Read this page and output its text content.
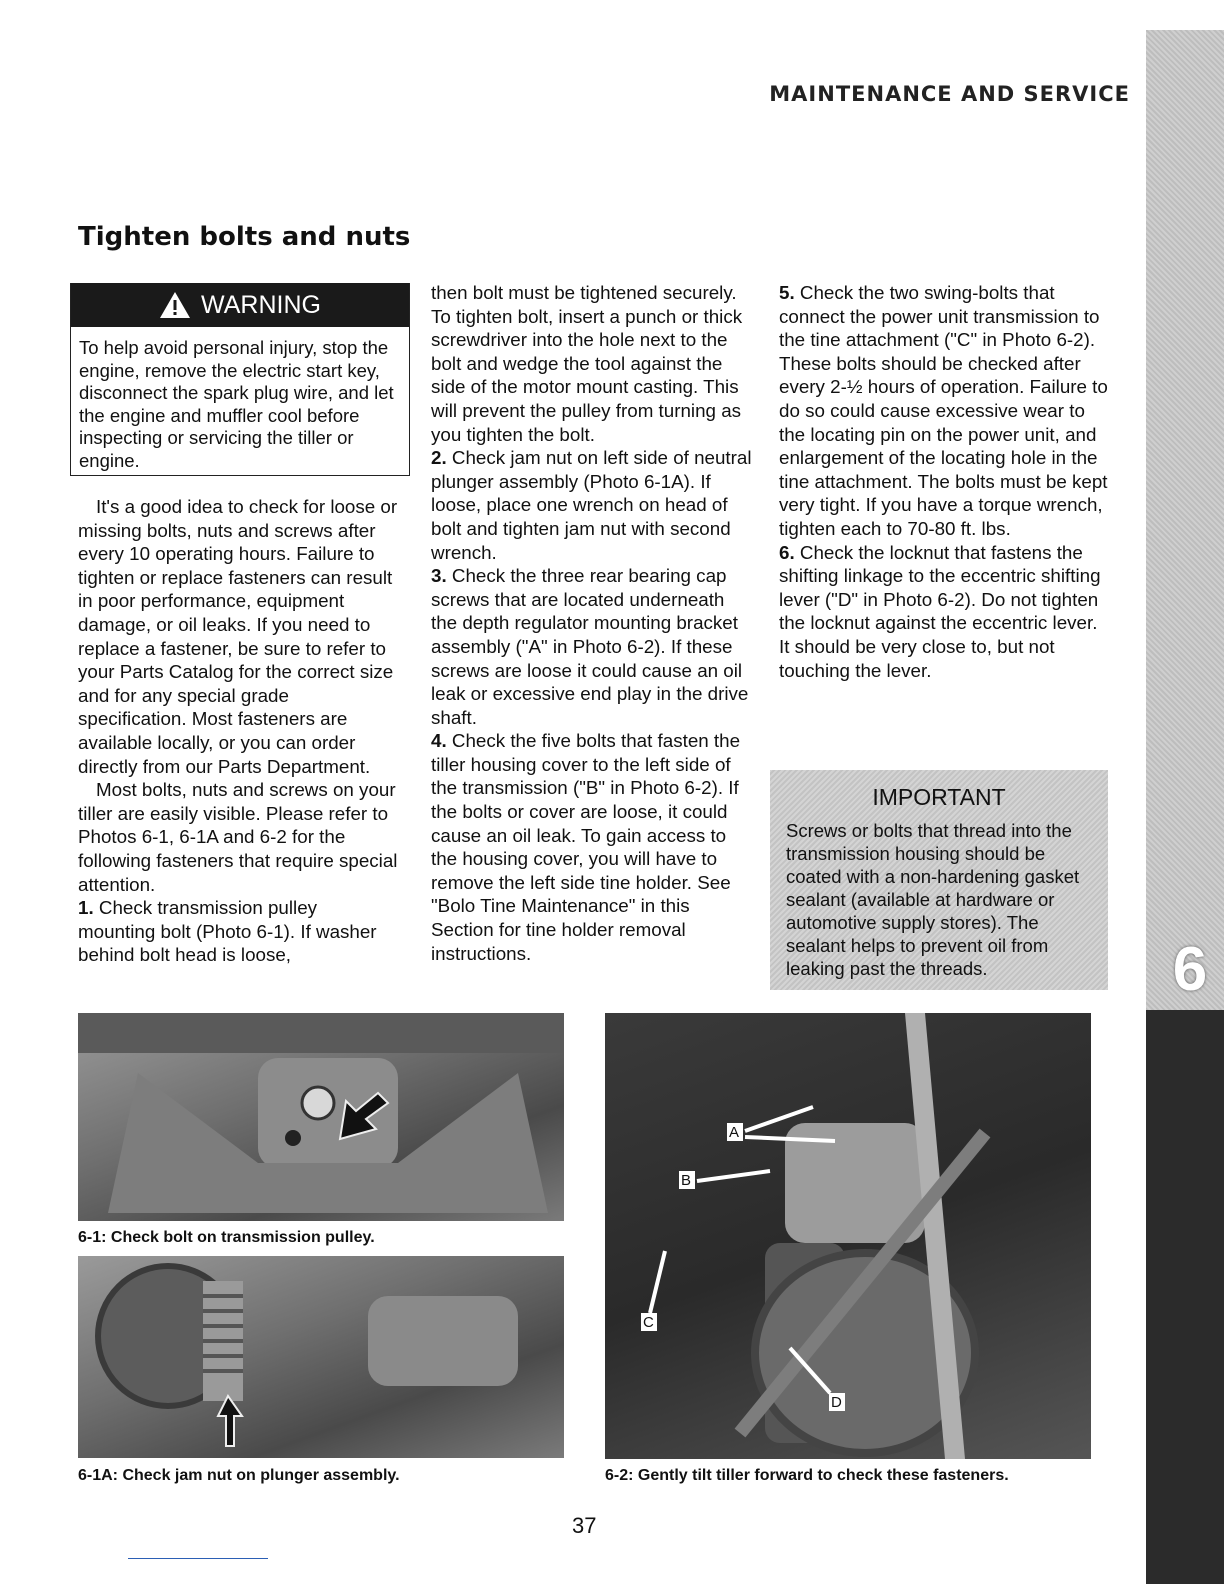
6
MAINTENANCE AND SERVICE
Tighten bolts and nuts
WARNING
To help avoid personal injury, stop the engine, remove the electric start key, disconnect the spark plug wire, and let the engine and muffler cool before inspecting or servicing the tiller or engine.

It's a good idea to check for loose or missing bolts, nuts and screws after every 10 operating hours. Failure to tighten or replace fasteners can result in poor performance, equipment damage, or oil leaks. If you need to replace a fastener, be sure to refer to your Parts Catalog for the correct size and for any special grade specification. Most fasteners are available locally, or you can order directly from our Parts Department.

Most bolts, nuts and screws on your tiller are easily visible. Please refer to Photos 6-1, 6-1A and 6-2 for the following fasteners that require special attention.

1. Check transmission pulley mounting bolt (Photo 6-1). If washer behind bolt head is loose,

then bolt must be tightened securely. To tighten bolt, insert a punch or thick screwdriver into the hole next to the bolt and wedge the tool against the side of the motor mount casting. This will prevent the pulley from turning as you tighten the bolt.

2. Check jam nut on left side of neutral plunger assembly (Photo 6-1A). If loose, place one wrench on head of bolt and tighten jam nut with second wrench.

3. Check the three rear bearing cap screws that are located underneath the depth regulator mounting bracket assembly ("A" in Photo 6-2). If these screws are loose it could cause an oil leak or excessive end play in the drive shaft.

4. Check the five bolts that fasten the tiller housing cover to the left side of the transmission ("B" in Photo 6-2). If the bolts or cover are loose, it could cause an oil leak. To gain access to the housing cover, you will have to remove the left side tine holder. See "Bolo Tine Maintenance" in this Section for tine holder removal instructions.

5. Check the two swing-bolts that connect the power unit transmission to the tine attachment ("C" in Photo 6-2). These bolts should be checked after every 2-½ hours of operation. Failure to do so could cause excessive wear to the locating pin on the power unit, and enlargement of the locating hole in the tine attachment. The bolts must be kept very tight. If you have a torque wrench, tighten each to 70-80 ft. lbs.

6. Check the locknut that fastens the shifting linkage to the eccentric shifting lever ("D" in Photo 6-2). Do not tighten the locknut against the eccentric lever. It should be very close to, but not touching the lever.

IMPORTANT
Screws or bolts that thread into the transmission housing should be coated with a non-hardening gasket sealant (available at hardware or automotive supply stores). The sealant helps to prevent oil from leaking past the threads.
6-1: Check bolt on transmission pulley.
6-1A: Check jam nut on plunger assembly.
A
B
C
D
6-2: Gently tilt tiller forward to check these fasteners.
37
